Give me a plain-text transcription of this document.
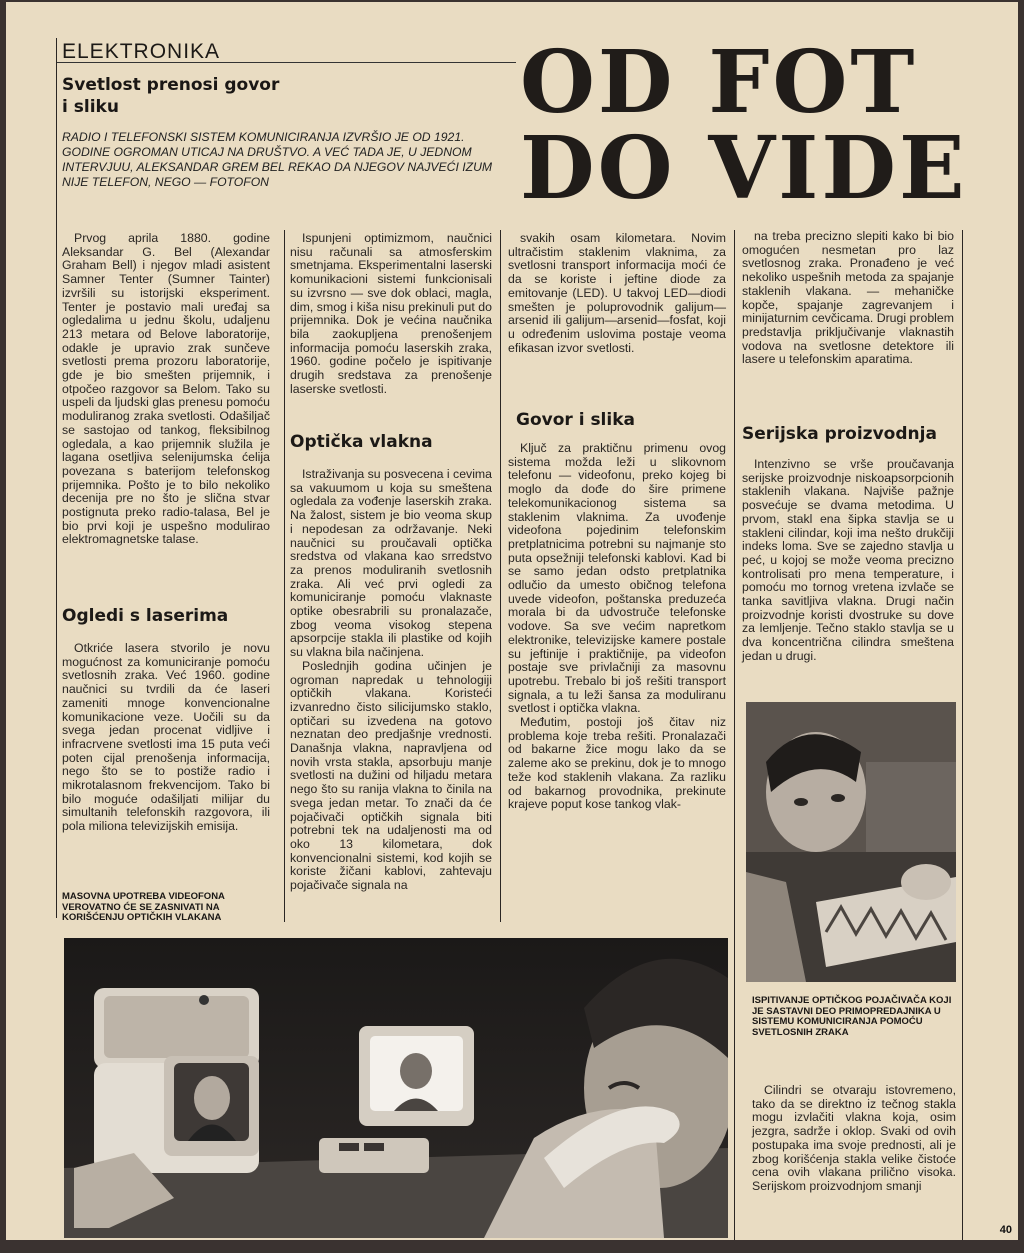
ELEKTRONIKA
Svetlost prenosi govor
i sliku
RADIO I TELEFONSKI SISTEM KOMUNICIRANJA IZVRŠIO JE OD 1921. GODINE OGROMAN UTICAJ NA DRUŠTVO. A VEĆ TADA JE, U JEDNOM INTERVJUU, ALEKSANDAR GREM BEL REKAO DA NJEGOV NAJVEĆI IZUM NIJE TELEFON, NEGO — FOTOFON
OD FOT
DO VIDE

Prvog aprila 1880. godine Aleksandar G. Bel (Alexandar Graham Bell) i njegov mladi asistent Samner Tenter (Sumner Tainter) izvršili su istorijski eksperiment. Tenter je postavio mali uređaj sa ogledalima u jednu školu, udaljenu 213 metara od Belove laboratorije, odakle je upravio zrak sunčeve svetlosti prema prozoru laboratorije, gde je bio smešten prijemnik, i otpočeo razgovor sa Belom. Tako su uspeli da ljudski glas prenesu pomoću moduliranog zraka svetlosti. Odašiljač se sastojao od tankog, fleksibilnog ogledala, a kao prijemnik služila je lagana osetljiva selenijumska ćelija povezana s baterijom telefonskog prijemnika. Pošto je to bilo nekoliko decenija pre no što je slična stvar postignuta preko radio-talasa, Bel je bio prvi koji je uspešno modulirao elektromagnetske talase.

Ogledi s laserima

Otkriće lasera stvorilo je novu mogućnost za komuniciranje pomoću svetlosnih zraka. Već 1960. godine naučnici su tvrdili da će laseri zameniti mnoge konvencionalne komunikacione veze. Uočili su da svega jedan procenat vidljive i infracrvene svetlosti ima 15 puta veći poten cijal prenošenja informacija, nego što se to postiže radio i mikrotalasnom frekvencijom. Tako bi bilo moguće odašiljati milijar du simultanih telefonskih razgovora, ili pola miliona televizijskih emisija.

MASOVNA UPOTREBA VIDEOFONA VEROVATNO ĆE SE ZASNIVATI NA KORIŠĆENJU OPTIČKIH VLAKANA

Ispunjeni optimizmom, naučnici nisu računali sa atmosferskim smetnjama. Eksperimentalni laserski komunikacioni sistemi funkcionisali su izvrsno — sve dok oblaci, magla, dim, smog i kiša nisu prekinuli put do prijemnika. Dok je većina naučnika bila zaokupljena prenošenjem informacija pomoću laserskih zraka, 1960. godine počelo je ispitivanje drugih sredstava za prenošenje laserske svetlosti.

Optička vlakna

Istraživanja su posvecena i cevima sa vakuumom u koja su smeštena ogledala za vođenje laserskih zraka. Na žalost, sistem je bio veoma skup i nepodesan za održavanje. Neki naučnici su proučavali optička sredstva od vlakana kao srredstvo za prenos moduliranih svetlosnih zraka. Ali već prvi ogledi za komuniciranje pomoću vlaknaste optike obesrabrili su pronalazače, zbog veoma visokog stepena apsorpcije staklа ili plastike od kojih su vlakna bila načinjena.

Poslednjih godina učinjen je ogroman napredak u tehnologiji optičkih vlakana. Koristeći izvanredno čisto silicijumsko staklo, optičari su izvedena na gotovo neznatan deo predjašnje vrednosti. Današnja vlakna, napravljena od novih vrsta stakla, apsorbuju manje svetlosti na dužini od hiljadu metara nego što su ranija vlakna to činila na svega jedan metar. To znači da će pojačivači optičkih signala biti potrebni tek na udaljenosti ma od oko 13 kilometara, dok konvencionalni sistemi, kod kojih se koriste žičani kablovi, zahtevaju pojačivače signala na

svakih osam kilometara. Novim ultračistim staklenim vlaknima, za svetlosni transport informacija moći će da se koriste i jeftine diode za emitovanje (LED). U takvoj LED—diodi smešten je poluprovodnik galijum—arsenid ili galijum—arsenid—fosfat, koji u određenim uslovima postaje veoma efikasan izvor svetlosti.

Govor i slika

Ključ za praktičnu primenu ovog sistema možda leži u slikovnom telefonu — videofonu, preko kojeg bi moglo da dođe do šire primene telekomunikacionog sistema sa staklenim vlaknima. Za uvođenje videofona pojedinim telefonskim pretplatnicima potrebni su najmanje sto puta opsežniji telefonski kablovi. Kad bi se samo jedan odsto pretplatnika odlučio da umesto običnog telefona uvede videofon, poštanska preduzeća morala bi da udvostruče telefonske vodove. Sa sve većim napretkom elektronike, televizijske kamere postale su jeftinije i praktičnije, pa videofon postaje sve privlačniji za masovnu upotrebu. Trebalo bi još rešiti transport signala, a tu leži šansa za moduliranu svetlost i optička vlakna.

Međutim, postoji još čitav niz problema koje treba rešiti. Pronalazači od bakarne žice mogu lako da se zaleme ako se prekinu, dok je to mnogo teže kod staklenih vlakana. Za razliku od bakarnog provodnika, prekinute krajeve poput kose tankog vlak-

na treba precizno slepiti kako bi bio omogućen nesmetan pro laz svetlosnog zraka. Pronađeno je već nekoliko uspešnih metoda za spajanje staklenih vlakana. — mehaničke kopče, spajanje zagrevanjem i minijaturnim cevčicama. Drugi problem predstavlja priključivanje vlaknastih vodova na svetlosne detektore ili lasere u telefonskim aparatima.

Serijska proizvodnja

Intenzivno se vrše proučavanja serijske proizvodnje niskoapsorpcionih staklenih vlakana. Najviše pažnje posvećuje se dvama metodima. U prvom, stakl ena šipka stavlja se u stakleni cilindar, koji ima nešto drukčiji indeks loma. Sve se zajedno stavlja u peć, u kojoj se može veoma precizno kontrolisati pro mena temperature, i pomoću mo tornog vretena izvlače se tanka savitljiva vlakna. Drugi način proizvodnje koristi dvostruke su dove za lemljenje. Tečno staklo stavlja se u dva koncentrična cilindra smeštena jedan u drugi.

ISPITIVANJE OPTIČKOG POJAČIVAČA KOJI JE SASTAVNI DEO PRIMOPREDAJNIKA U SISTEMU KOMUNICIRANJA POMOĆU SVETLOSNIH ZRAKA

Cilindri se otvaraju istovremeno, tako da se direktno iz tečnog stakla mogu izvlačiti vlakna koja, osim jezgra, sadrže i oklop. Svaki od ovih postupaka ima svoje prednosti, ali je zbog korišćenja stakla velike čistoće cena ovih vlakana prilično visoka. Serijskom proizvodnjom smanji

40
